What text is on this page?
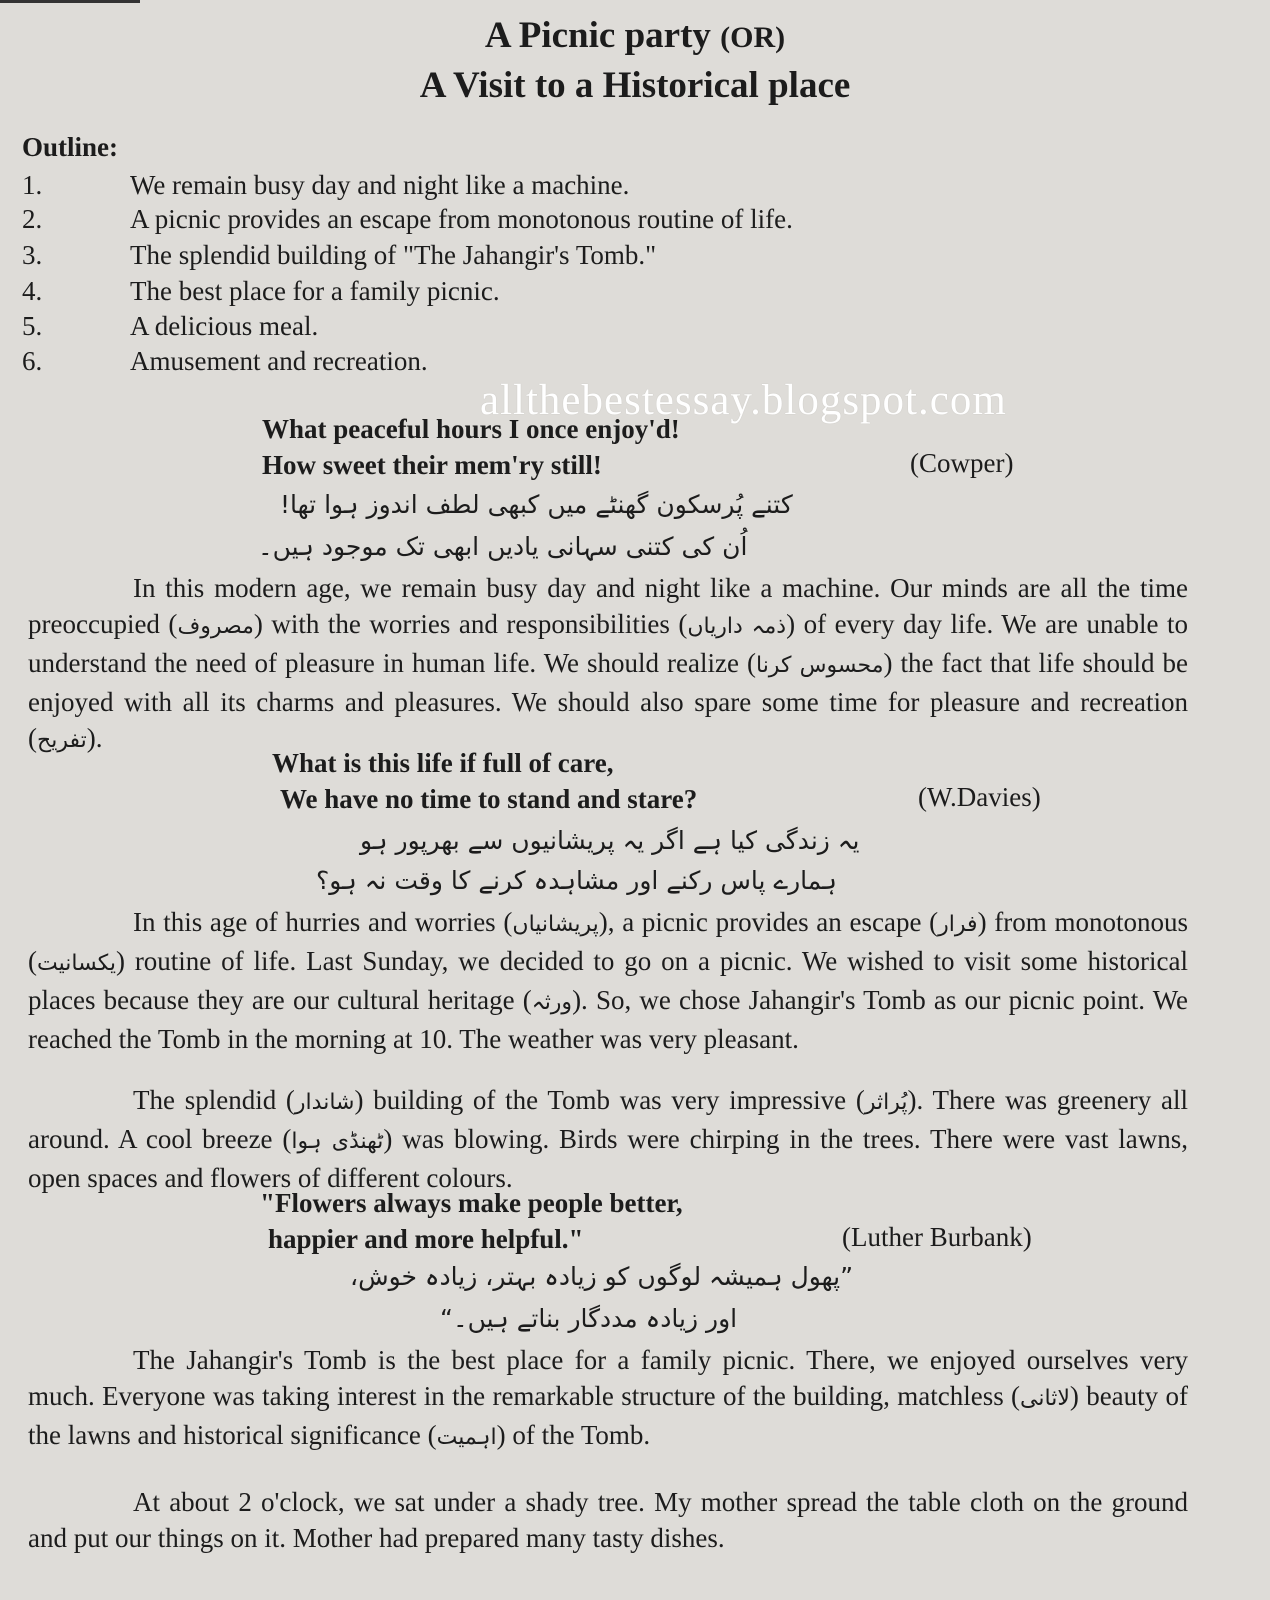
A Picnic party (OR)
A Visit to a Historical place
Outline:
1.	We remain busy day and night like a machine.
2.	A picnic provides an escape from monotonous routine of life.
3.	The splendid building of "The Jahangir's Tomb."
4.	The best place for a family picnic.
5.	A delicious meal.
6.	Amusement and recreation.
allthebestessay.blogspot.com
What peaceful hours I once enjoy'd!
How sweet their mem'ry still!	(Cowper)
کتنے پُرسکون گھنٹے میں کبھی لطف اندوز ہوا تھا!
اُن کی کتنی سہانی یادیں ابھی تک موجود ہیں۔

In this modern age, we remain busy day and night like a machine. Our minds are all the time preoccupied (مصروف) with the worries and responsibilities (ذمہ داریاں) of every day life. We are unable to understand the need of pleasure in human life. We should realize (محسوس کرنا) the fact that life should be enjoyed with all its charms and pleasures. We should also spare some time for pleasure and recreation (تفریح).

What is this life if full of care,
We have no time to stand and stare?	(W.Davies)
یہ زندگی کیا ہے اگر یہ پریشانیوں سے بھرپور ہو
ہمارے پاس رکنے اور مشاہدہ کرنے کا وقت نہ ہو؟

In this age of hurries and worries (پریشانیاں), a picnic provides an escape (فرار) from monotonous (یکسانیت) routine of life. Last Sunday, we decided to go on a picnic. We wished to visit some historical places because they are our cultural heritage (ورثہ). So, we chose Jahangir's Tomb as our picnic point. We reached the Tomb in the morning at 10. The weather was very pleasant.

The splendid (شاندار) building of the Tomb was very impressive (پُراثر). There was greenery all around. A cool breeze (ٹھنڈی ہوا) was blowing. Birds were chirping in the trees. There were vast lawns, open spaces and flowers of different colours.

"Flowers always make people better,
happier and more helpful."	(Luther Burbank)
”پھول ہمیشہ لوگوں کو زیادہ بہتر، زیادہ خوش،
اور زیادہ مددگار بناتے ہیں۔“

The Jahangir's Tomb is the best place for a family picnic. There, we enjoyed ourselves very much. Everyone was taking interest in the remarkable structure of the building, matchless (لاثانی) beauty of the lawns and historical significance (اہمیت) of the Tomb.

At about 2 o'clock, we sat under a shady tree. My mother spread the table cloth on the ground and put our things on it. Mother had prepared many tasty dishes.
